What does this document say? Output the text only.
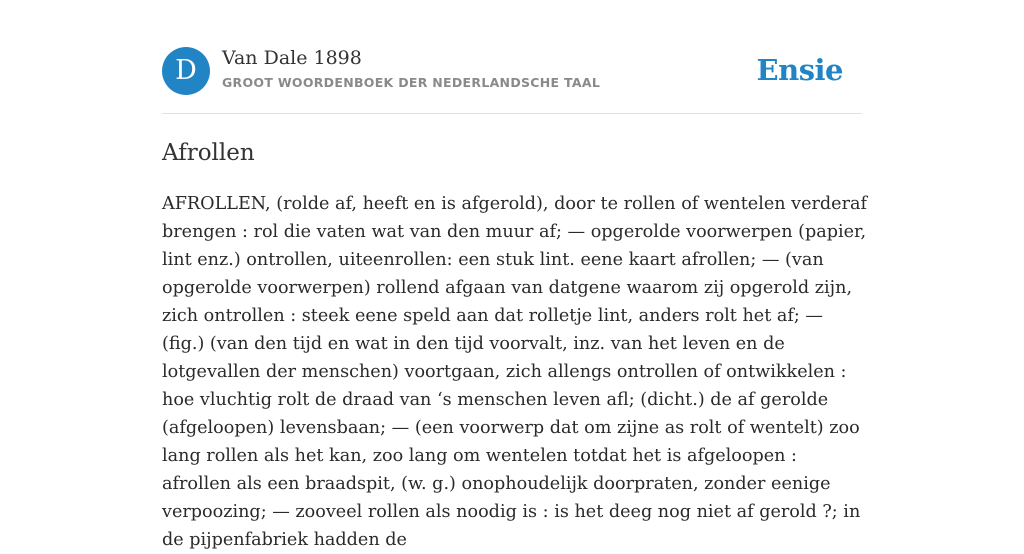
D	Van Dale 1898
GROOT WOORDENBOEK DER NEDERLANDSCHE TAAL	Ensie
Afrollen

AFROLLEN, (rolde af, heeft en is afgerold), door te rollen of wentelen verderaf brengen : rol die vaten wat van den muur af; — opgerolde voorwerpen (papier, lint enz.) ontrollen, uiteenrollen: een stuk lint. eene kaart afrollen; — (van opgerolde voorwerpen) rollend afgaan van datgene waarom zij opgerold zijn, zich ontrollen : steek eene speld aan dat rolletje lint, anders rolt het af; — (fig.) (van den tijd en wat in den tijd voorvalt, inz. van het leven en de lotgevallen der menschen) voortgaan, zich allengs ontrollen of ontwikkelen : hoe vluchtig rolt de draad van ‘s menschen leven afl; (dicht.) de af gerolde (afgeloopen) levensbaan; — (een voorwerp dat om zijne as rolt of wentelt) zoo lang rollen als het kan, zoo lang om wentelen totdat het is afgeloopen : afrollen als een braadspit, (w. g.) onophoudelijk doorpraten, zonder eenige verpoozing; — zooveel rollen als noodig is : is het deeg nog niet af gerold ?; in de pijpenfabriek hadden de
